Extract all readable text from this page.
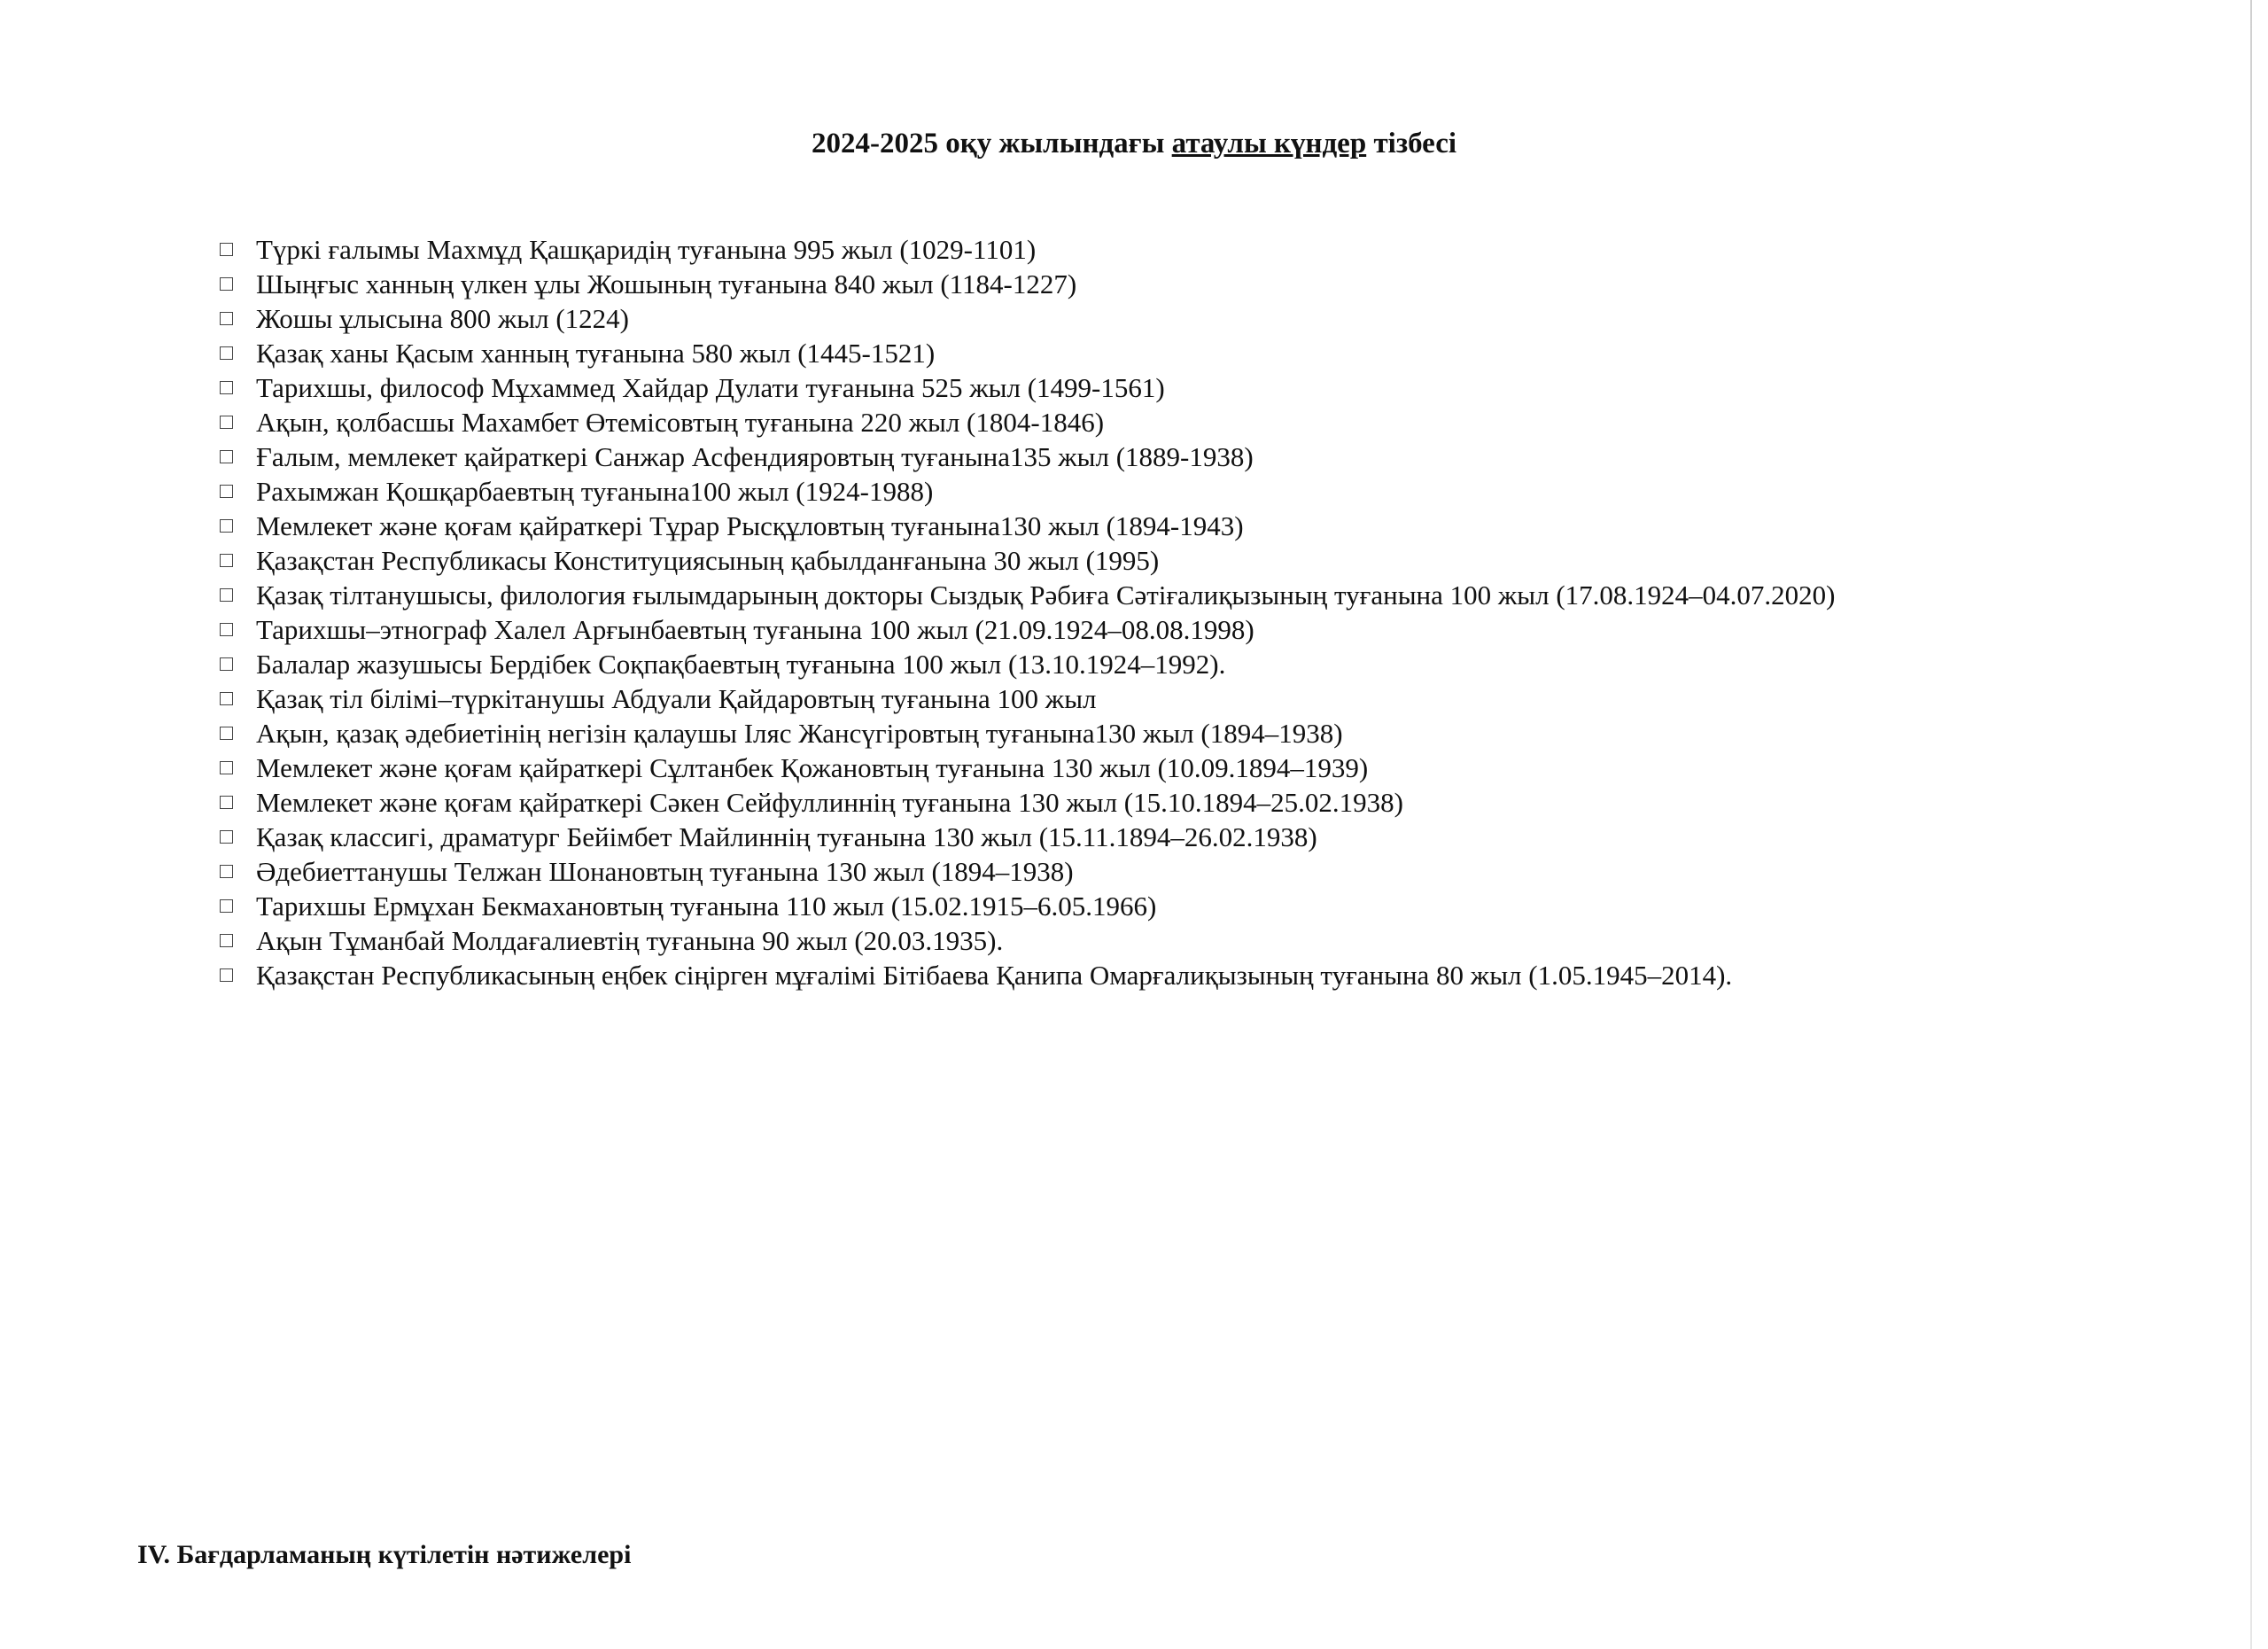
2024-2025 оқу жылындағы атаулы күндер тізбесі
Түркі ғалымы Махмұд Қашқаридің туғанына 995 жыл (1029-1101)
Шыңғыс ханның үлкен ұлы Жошының туғанына 840 жыл (1184-1227)
Жошы ұлысына 800 жыл (1224)
Қазақ ханы Қасым ханның туғанына 580 жыл (1445-1521)
Тарихшы, философ Мұхаммед Хайдар Дулати туғанына 525 жыл (1499-1561)
Ақын, қолбасшы Махамбет Өтемісовтың туғанына 220 жыл (1804-1846)
Ғалым, мемлекет қайраткері Санжар Асфендияровтың туғанына135 жыл (1889-1938)
Рахымжан Қошқарбаевтың туғанына100 жыл (1924-1988)
Мемлекет және қоғам қайраткері Тұрар Рысқұловтың туғанына130 жыл (1894-1943)
Қазақстан Республикасы Конституциясының қабылданғанына 30 жыл (1995)
Қазақ тілтанушысы, филология ғылымдарының докторы Сыздық Рәбиға Сәтіғалиқызының туғанына 100 жыл (17.08.1924–04.07.2020)
Тарихшы–этнограф Халел Арғынбаевтың туғанына 100 жыл (21.09.1924–08.08.1998)
Балалар жазушысы Бердібек Соқпақбаевтың туғанына 100 жыл (13.10.1924–1992).
Қазақ тіл білімі–түркітанушы Абдуали Қайдаровтың туғанына 100 жыл
Ақын, қазақ әдебиетінің негізін қалаушы Іляс Жансүгіровтың туғанына130 жыл (1894–1938)
Мемлекет және қоғам қайраткері Сұлтанбек Қожановтың туғанына 130 жыл (10.09.1894–1939)
Мемлекет және қоғам қайраткері Сәкен Сейфуллиннің туғанына 130 жыл (15.10.1894–25.02.1938)
Қазақ классигі, драматург Бейімбет Майлиннің туғанына 130 жыл (15.11.1894–26.02.1938)
Әдебиеттанушы Телжан Шонановтың туғанына 130 жыл (1894–1938)
Тарихшы Ермұхан Бекмахановтың туғанына 110 жыл (15.02.1915–6.05.1966)
Ақын Тұманбай Молдағалиевтің туғанына 90 жыл (20.03.1935).
Қазақстан Республикасының еңбек сіңірген мұғалімі Бітібаева Қанипа Омарғалиқызының туғанына 80 жыл (1.05.1945–2014).
IV. Бағдарламаның күтілетін нәтижелері
